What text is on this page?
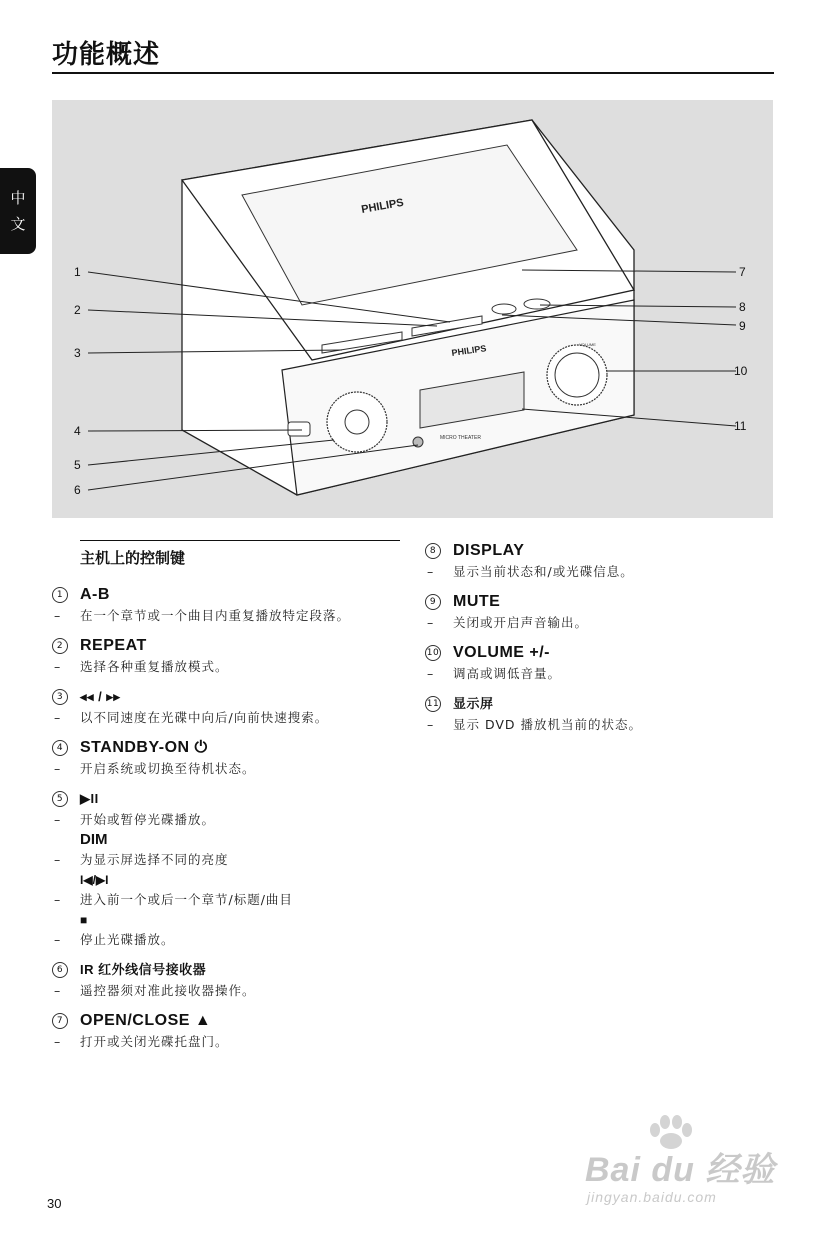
功能概述
中
文
PHILIPS
PHILIPS
MICRO THEATER
VOLUME
1
2
3
4
5
6
7
8
9
10
11
主机上的控制键
1	A-B
– 在一个章节或一个曲目内重复播放特定段落。
2	REPEAT
– 选择各种重复播放模式。
3	◂◂ / ▸▸
– 以不同速度在光碟中向后/向前快速搜索。
4	STANDBY-ON ⏻
– 开启系统或切换至待机状态。
5	▶II
– 开始或暂停光碟播放。
DIM
– 为显示屏选择不同的亮度
I◀/▶I
– 进入前一个或后一个章节/标题/曲目
■
– 停止光碟播放。
6	IR 红外线信号接收器
– 遥控器须对准此接收器操作。
7	OPEN/CLOSE ▲
– 打开或关闭光碟托盘门。
8	DISPLAY
– 显示当前状态和/或光碟信息。
9	MUTE
– 关闭或开启声音输出。
10 VOLUME +/-
– 调高或调低音量。
11 显示屏
– 显示 DVD 播放机当前的状态。
30
Bai du 经验
jingyan.baidu.com
